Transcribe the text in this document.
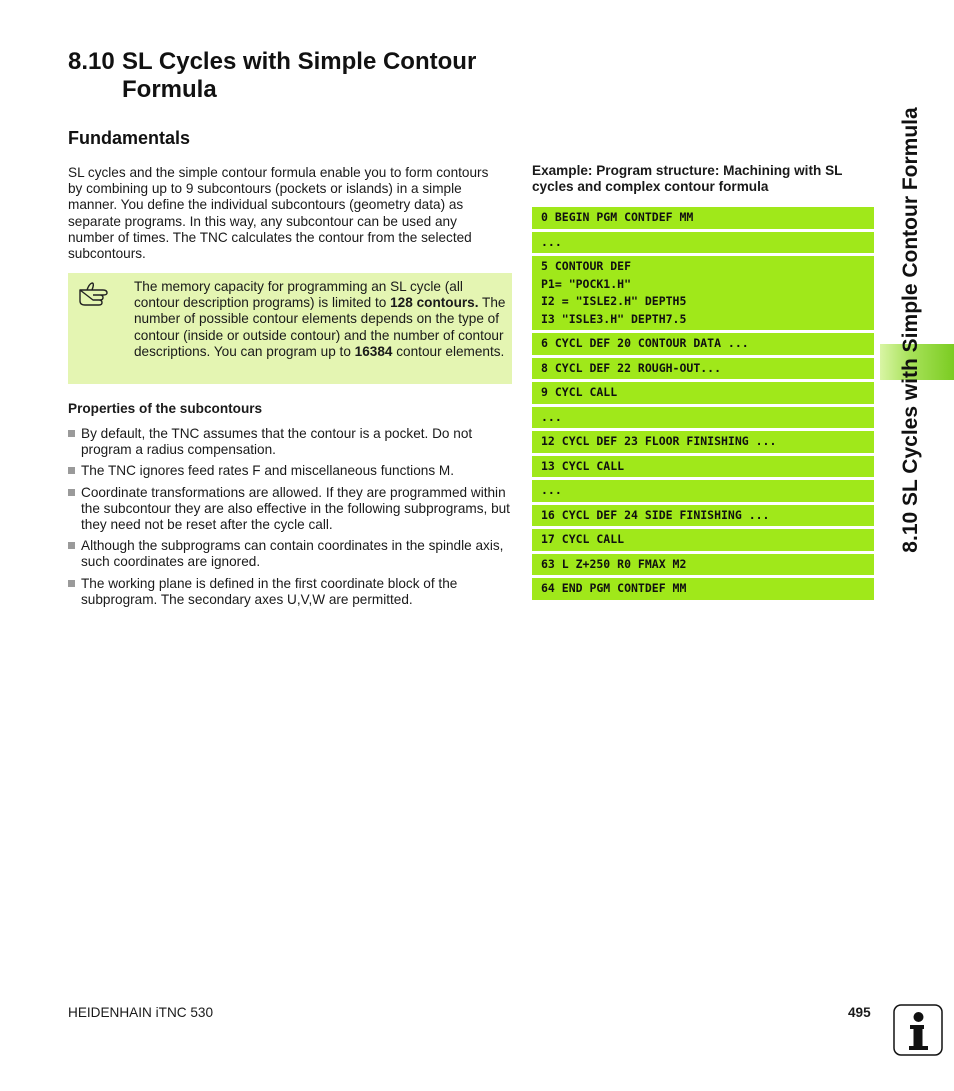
8.10 SL Cycles with Simple Contour
Formula
Fundamentals
SL cycles and the simple contour formula enable you to form contours by combining up to 9 subcontours (pockets or islands) in a simple manner. You define the individual subcontours (geometry data) as separate programs. In this way, any subcontour can be used any number of times. The TNC calculates the contour from the selected subcontours.
The memory capacity for programming an SL cycle (all contour description programs) is limited to 128 contours. The number of possible contour elements depends on the type of contour (inside or outside contour) and the number of contour descriptions. You can program up to 16384 contour elements.
Properties of the subcontours
By default, the TNC assumes that the contour is a pocket. Do not program a radius compensation.
The TNC ignores feed rates F and miscellaneous functions M.
Coordinate transformations are allowed. If they are programmed within the subcontour they are also effective in the following subprograms, but they need not be reset after the cycle call.
Although the subprograms can contain coordinates in the spindle axis, such coordinates are ignored.
The working plane is defined in the first coordinate block of the subprogram. The secondary axes U,V,W are permitted.
Example: Program structure: Machining with SL cycles and complex contour formula
0 BEGIN PGM CONTDEF MM
...
5 CONTOUR DEF
P1= "POCK1.H"
I2 = "ISLE2.H" DEPTH5
I3 "ISLE3.H" DEPTH7.5
6 CYCL DEF 20 CONTOUR DATA ...
8 CYCL DEF 22 ROUGH-OUT...
9 CYCL CALL
...
12 CYCL DEF 23 FLOOR FINISHING ...
13 CYCL CALL
...
16 CYCL DEF 24 SIDE FINISHING ...
17 CYCL CALL
63 L Z+250 R0 FMAX M2
64 END PGM CONTDEF MM
8.10 SL Cycles with Simple Contour Formula
HEIDENHAIN iTNC 530	495
